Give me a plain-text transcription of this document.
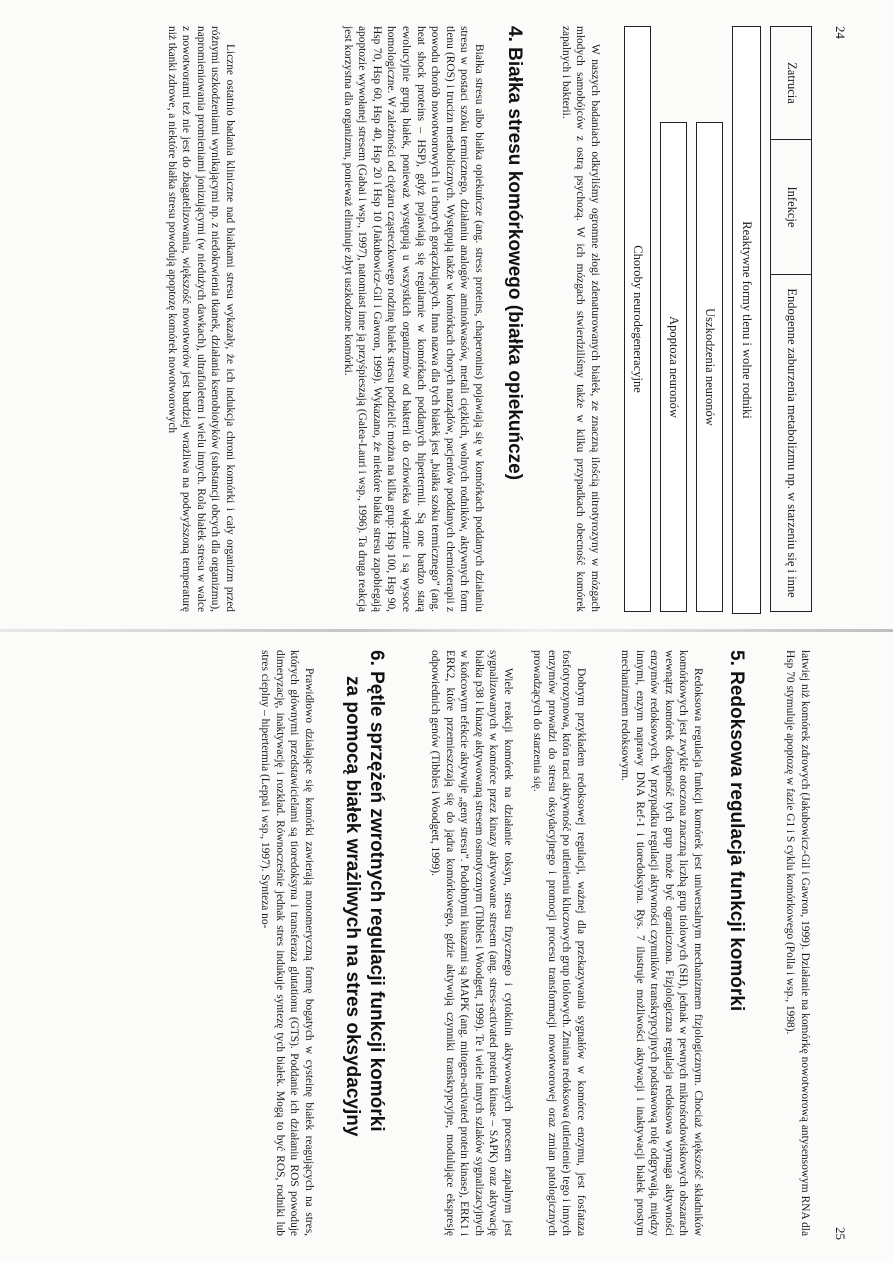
24
Zatrucia
Infekcje
Endogenne zaburzenia metabolizmu np. w starzeniu się i inne
Reaktywne formy tlenu i wolne rodniki
Uszkodzenia neuronów
Apoptoza neuronów
Choroby neurodegeneracyjne

W naszych badaniach odkryliśmy ogromne złogi zdenaturowanych białek, ze znaczną ilością nitrotyrozyny w mózgach młodych samobójców z ostrą psychozą. W ich mózgach stwierdziliśmy także w kilku przypadkach obecność komórek zapalnych i bakterii.

4. Białka stresu komórkowego (białka opiekuńcze)

Białka stresu albo białka opiekuńcze (ang. stress proteins, chaperonins) pojawiają się w komórkach poddanych działaniu stresu w postaci szoku termicznego, działaniu analogów aminokwasów, metali ciężkich, wolnych rodników, aktywnych form tlenu (ROS) i trucizn metabolicznych. Występują także w komórkach chorych narządów, pacjentów poddanych chemioterapii z powodu chorób nowotworowych i u chorych gorączkujących. Inna nazwa dla tych białek jest „białka szoku termicznego” (ang. heat shock proteins – HSP), gdyż pojawiają się regularnie w komórkach poddanych hipertermii. Są one bardzo starą ewolucyjnie grupą białek, ponieważ występują u wszystkich organizmów od bakterii do człowieka włącznie i są wysoce homologiczne. W zależności od ciężaru cząsteczkowego rodzinę białek stresu podzielić można na kilka grup: Hsp 100, Hsp 90, Hsp 70, Hsp 60, Hsp 40, Hsp 20 i Hsp 10 (Jakubowicz-Gil i Gawron, 1999). Wykazano, że niektóre białka stresu zapobiegają apoptozie wywołanej stresem (Gabai i wsp., 1997), natomiast inne ją przyśpieszają (Galea-Lauri i wsp., 1996). Ta druga reakcja jest korzystna dla organizmu, ponieważ eliminuje zbyt uszkodzone komórki.

Liczne ostatnio badania kliniczne nad białkami stresu wykazały, że ich indukcja chroni komórki i cały organizm przed różnymi uszkodzeniami wynikającymi np. z niedokrwienia tkanek, działania ksenobiotyków (substancji obcych dla organizmu), napromieniowania promieniami jonizującymi (w niedużych dawkach), ultrafioletem i wielu innych. Rola białek stresu w walce z nowotworami też nie jest do zbagatelizowania, większość nowotworów jest bardziej wrażliwa na podwyższoną temperaturę niż tkanki zdrowe, a niektóre białka stresu powodują apoptozę komórek nowotworowych

25

łatwiej niż komórek zdrowych (Jakubowicz-Gil i Gawron, 1999). Działanie na komórkę nowotworową antysensowym RNA dla Hsp 70 stymuluje apoptozę w fazie G1 i S cyklu komórkowego (Polla i wsp., 1998).

5. Redoksowa regulacja funkcji komórki

Redoksowa regulacja funkcji komórek jest uniwersalnym mechanizmem fizjologicznym. Chociaż większość składników komórkowych jest zwykle otoczona znaczną liczbą grup tiolowych (SH), jednak w pewnych mikrośrodowiskowych obszarach wewnątrz komórek dostępność tych grup może być ograniczona. Fizjologiczna regulacja redoksowa wymaga aktywności enzymów redoksowych. W przypadku regulacji aktywności czynników transkrypcyjnych podstawową rolę odgrywają, między innymi, enzym naprawy DNA Ref-1 i tioredoksyna. Rys. 7 ilustruje możliwości aktywacji i inaktywacji białek prostym mechanizmem redoksowym.

Dobrym przykładem redoksowej regulacji, ważnej dla przekazywania sygnałów w komórce enzymu, jest fosfataza fosfotyrozynowa, która traci aktywność po utlenieniu kluczowych grup tiolowych. Zmiana redoksowa (utlenienie) tego i innych enzymów prowadzi do stresu oksydacyjnego i promocji procesu transformacji nowotworowej oraz zmian patologicznych prowadzących do starzenia się.

Wiele reakcji komórek na działanie toksyn, stresu fizycznego i cytokinin aktywowanych procesem zapalnym jest sygnalizowanych w komórce przez kinazy aktywowane stresem (ang. stress-activated protein kinase – SAPK) oraz aktywację białka p38 i kinazę aktywowaną stresem osmotycznym (Tibbles i Woodgett, 1999). Te i wiele innych szlaków sygnalizacyjnych w końcowym efekcie aktywuje „geny stresu”. Podobnymi kinazami są MAPK (ang. mitogen-activated protein kinase), ERK1 i ERK2, które przemieszczają się do jądra komórkowego, gdzie aktywują czynniki transkrypcyjne, modulujące ekspresję odpowiednich genów (Tibbles i Woodgett, 1999).

6. Pętle sprzężeń zwrotnych regulacji funkcji komórki
za pomocą białek wrażliwych na stres oksydacyjny

Prawidłowo działające się komórki zawierają monomeryczną formę bogatych w cysteinę białek reagujących na stres, których głównymi przedstawicielami są tioredoksyna i transferaza glutationu (GTS). Poddanie ich działaniu ROS powoduje dimeryzację, inaktywację i rozkład. Równocześnie jednak stres indukuje syntezę tych białek. Mogą to być ROS, rodniki lub stres cieplny – hipertermia (Leppä i wsp., 1997). Synteza no-
